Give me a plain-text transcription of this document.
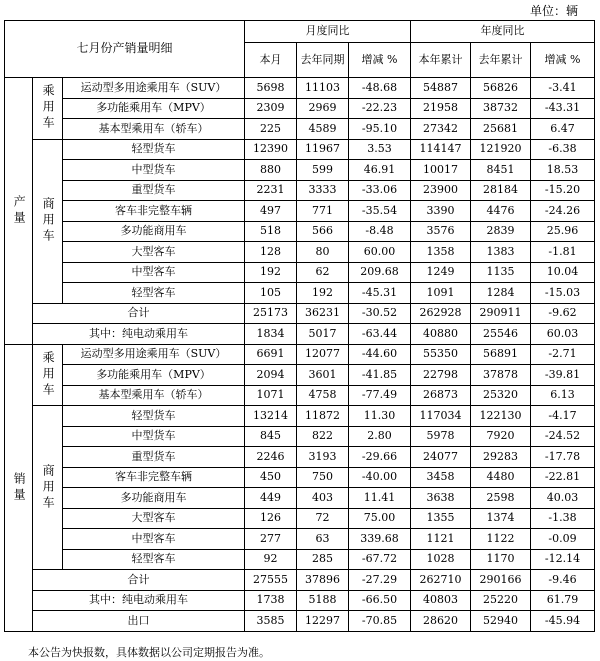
单位：辆
七月份产销量明细			月度同比			年度同比		
			本月	去年同期	增减 %	本年累计	去年累计	增减 %
产量	乘用车	运动型多用途乘用车（SUV）	5698	11103	-48.68	54887	56826	-3.41
		多功能乘用车（MPV）	2309	2969	-22.23	21958	38732	-43.31
		基本型乘用车（轿车）	225	4589	-95.10	27342	25681	6.47
	商用车	轻型货车	12390	11967	3.53	114147	121920	-6.38
		中型货车	880	599	46.91	10017	8451	18.53
		重型货车	2231	3333	-33.06	23900	28184	-15.20
		客车非完整车辆	497	771	-35.54	3390	4476	-24.26
		多功能商用车	518	566	-8.48	3576	2839	25.96
		大型客车	128	80	60.00	1358	1383	-1.81
		中型客车	192	62	209.68	1249	1135	10.04
		轻型客车	105	192	-45.31	1091	1284	-15.03
	合计		25173	36231	-30.52	262928	290911	-9.62
	其中：纯电动乘用车		1834	5017	-63.44	40880	25546	60.03
销量	乘用车	运动型多用途乘用车（SUV）	6691	12077	-44.60	55350	56891	-2.71
		多功能乘用车（MPV）	2094	3601	-41.85	22798	37878	-39.81
		基本型乘用车（轿车）	1071	4758	-77.49	26873	25320	6.13
	商用车	轻型货车	13214	11872	11.30	117034	122130	-4.17
		中型货车	845	822	2.80	5978	7920	-24.52
		重型货车	2246	3193	-29.66	24077	29283	-17.78
		客车非完整车辆	450	750	-40.00	3458	4480	-22.81
		多功能商用车	449	403	11.41	3638	2598	40.03
		大型客车	126	72	75.00	1355	1374	-1.38
		中型客车	277	63	339.68	1121	1122	-0.09
		轻型客车	92	285	-67.72	1028	1170	-12.14
	合计		27555	37896	-27.29	262710	290166	-9.46
	其中：纯电动乘用车		1738	5188	-66.50	40803	25220	61.79
	出口		3585	12297	-70.85	28620	52940	-45.94
本公告为快报数，具体数据以公司定期报告为准。
